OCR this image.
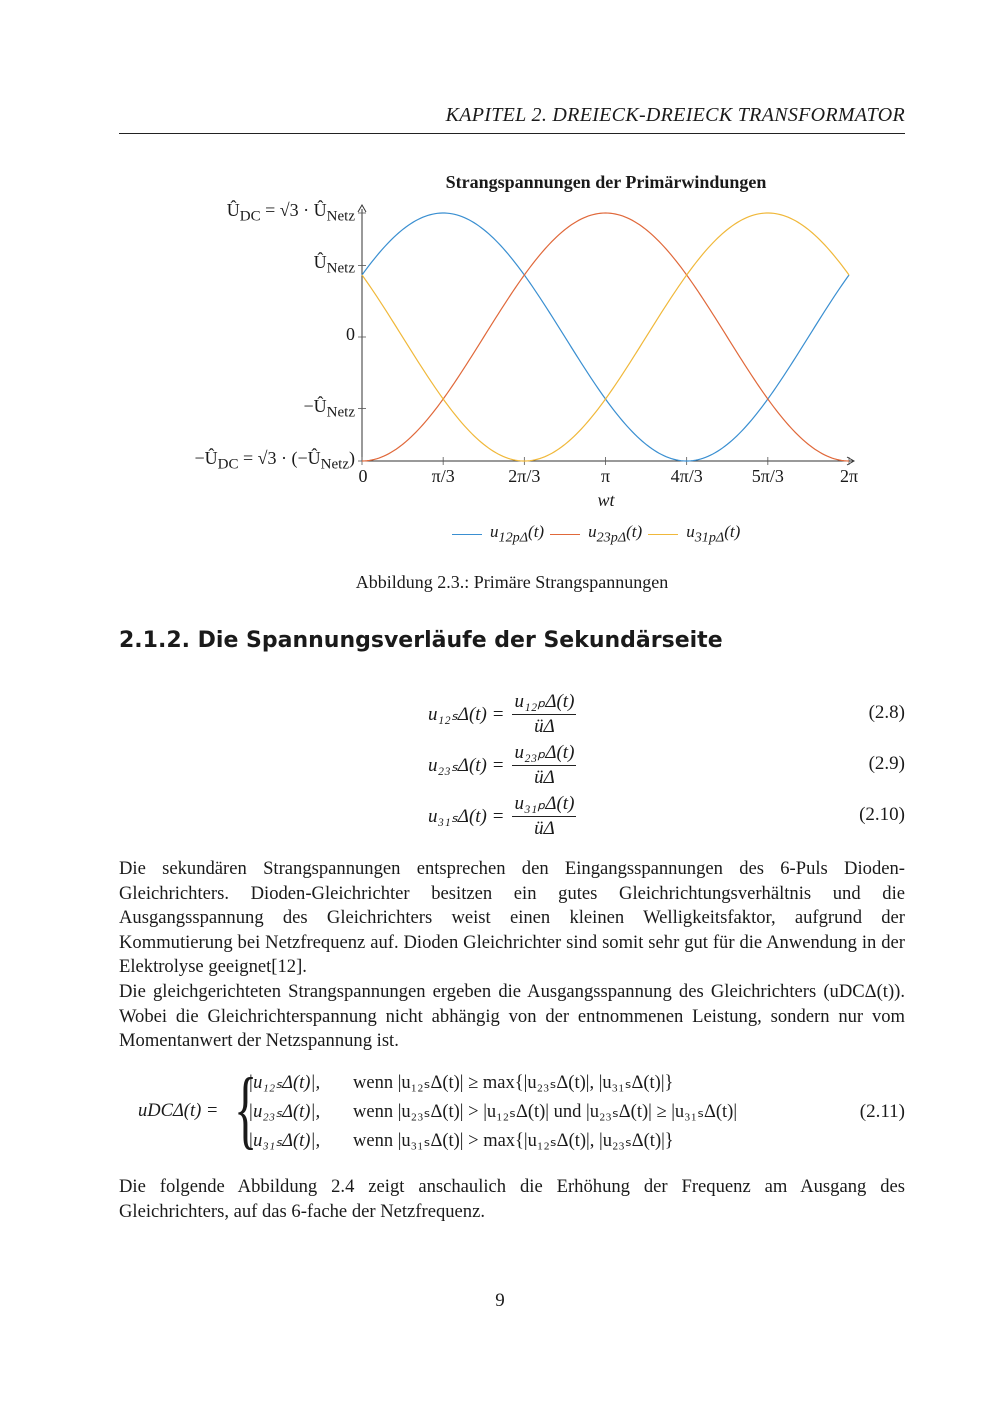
KAPITEL 2. DREIECK-DREIECK TRANSFORMATOR
Strangspannungen der Primärwindungen
$Û_{DC} = √3$ · $Û_{Netz}$
$Û_{Netz}$
0
$-Û_{Netz}$
$-Û_{DC} = √3$ · $(-Û_{Netz})$
0	π/3	2π/3	π	4π/3	5π/3	2π
wt
$u_{12p\Delta}(t)$	$u_{23p\Delta}(t)$	$u_{31p\Delta}(t)$
Abbildung 2.3.: Primäre Strangspannungen
2.1.2. Die Spannungsverläufe der Sekundärseite
$u_{12s}\Delta(t) = \frac{\text{u₁₂ₚΔ(t)}}{ü\Delta}$	(2.8)
$u_{23s}\Delta(t) = \frac{\text{u₂₃ₚΔ(t)}}{ü\Delta}$	(2.9)
$u_{31s}\Delta(t) = \frac{\text{u₃₁ₚΔ(t)}}{ü\Delta}$	(2.10)

Die sekundären Strangspannungen entsprechen den Eingangsspannungen des 6-Puls Dioden-Gleichrichters. Dioden-Gleichrichter besitzen ein gutes Gleichrichtungsverhältnis und die Ausgangsspannung des Gleichrichters weist einen kleinen Welligkeitsfaktor, aufgrund der Kommutierung bei Netzfrequenz auf. Dioden Gleichrichter sind somit sehr gut für die Anwendung in der Elektrolyse geeignet[12].

Die gleichgerichteten Strangspannungen ergeben die Ausgangsspannung des Gleichrichters (uDCΔ(t)). Wobei die Gleichrichterspannung nicht abhängig von der entnommenen Leistung, sondern nur vom Momentanwert der Netzspannung ist.

uDCΔ(t) = {
|u₁₂ₛΔ(t)|, wenn |u₁₂ₛΔ(t)| ≥ max{|u₂₃ₛΔ(t)|, |u₃₁ₛΔ(t)|}
|u₂₃ₛΔ(t)|, wenn |u₂₃ₛΔ(t)| > |u₁₂ₛΔ(t)| und |u₂₃ₛΔ(t)| ≥ |u₃₁ₛΔ(t)|
|u₃₁ₛΔ(t)|, wenn |u₃₁ₛΔ(t)| > max{|u₁₂ₛΔ(t)|, |u₂₃ₛΔ(t)|}
(2.11)

Die folgende Abbildung 2.4 zeigt anschaulich die Erhöhung der Frequenz am Ausgang des Gleichrichters, auf das 6-fache der Netzfrequenz.

9
